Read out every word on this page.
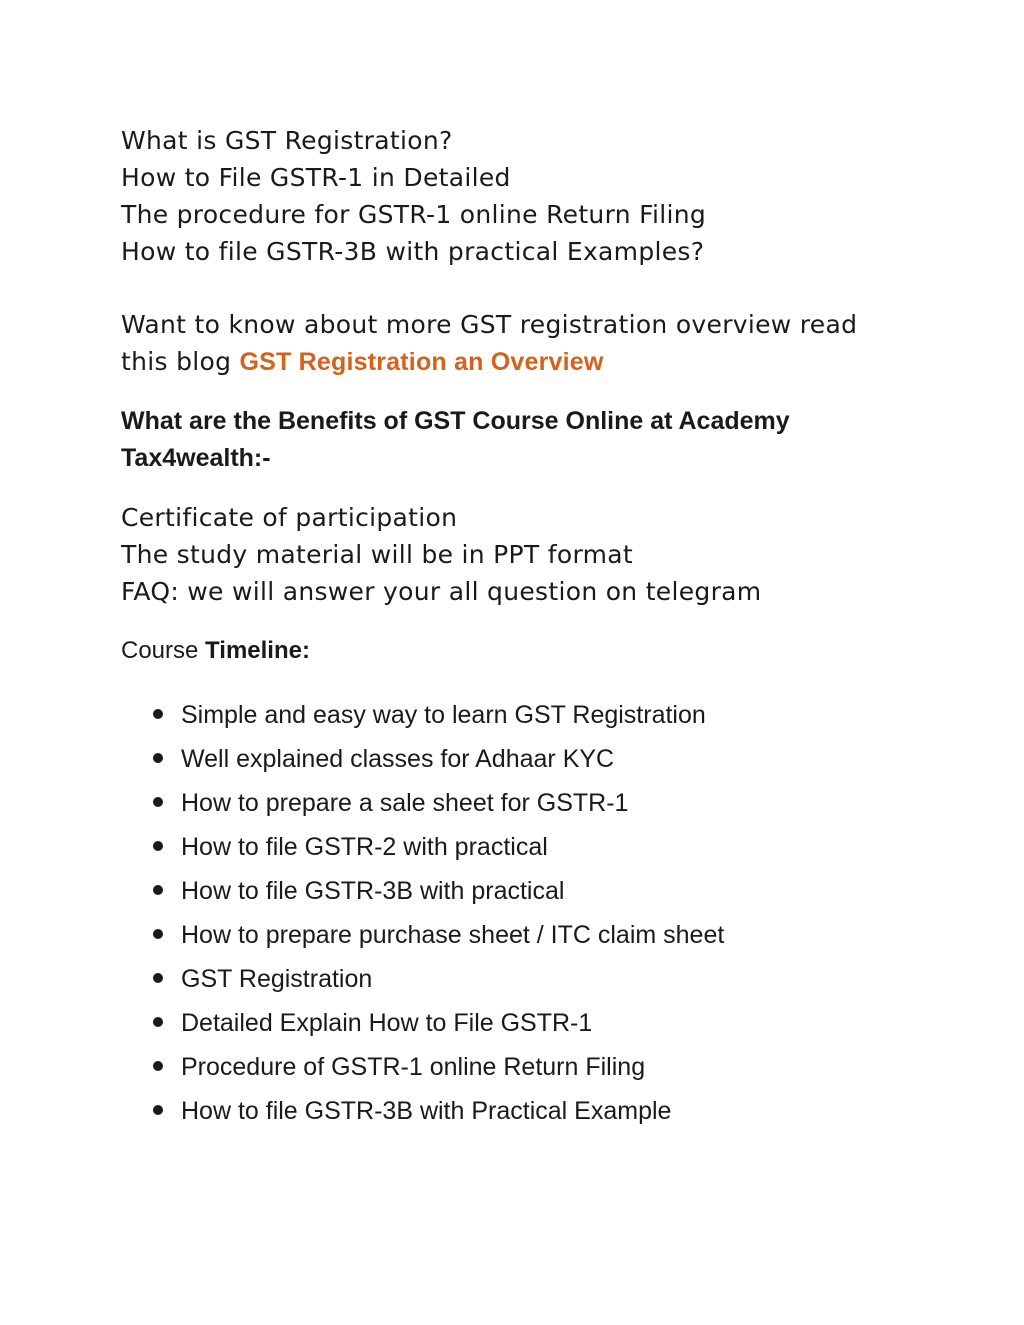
What is GST Registration?
How to File GSTR-1 in Detailed
The procedure for GSTR-1 online Return Filing
How to file GSTR-3B with practical Examples?
Want to know about more GST registration overview read
this blog GST Registration an Overview
What are the Benefits of GST Course Online at Academy
Tax4wealth:-
Certificate of participation
The study material will be in PPT format
FAQ: we will answer your all question on telegram
Course Timeline:
Simple and easy way to learn GST Registration
Well explained classes for Adhaar KYC
How to prepare a sale sheet for GSTR-1
How to file GSTR-2 with practical
How to file GSTR-3B with practical
How to prepare purchase sheet / ITC claim sheet
GST Registration
Detailed Explain How to File GSTR-1
Procedure of GSTR-1 online Return Filing
How to file GSTR-3B with Practical Example
